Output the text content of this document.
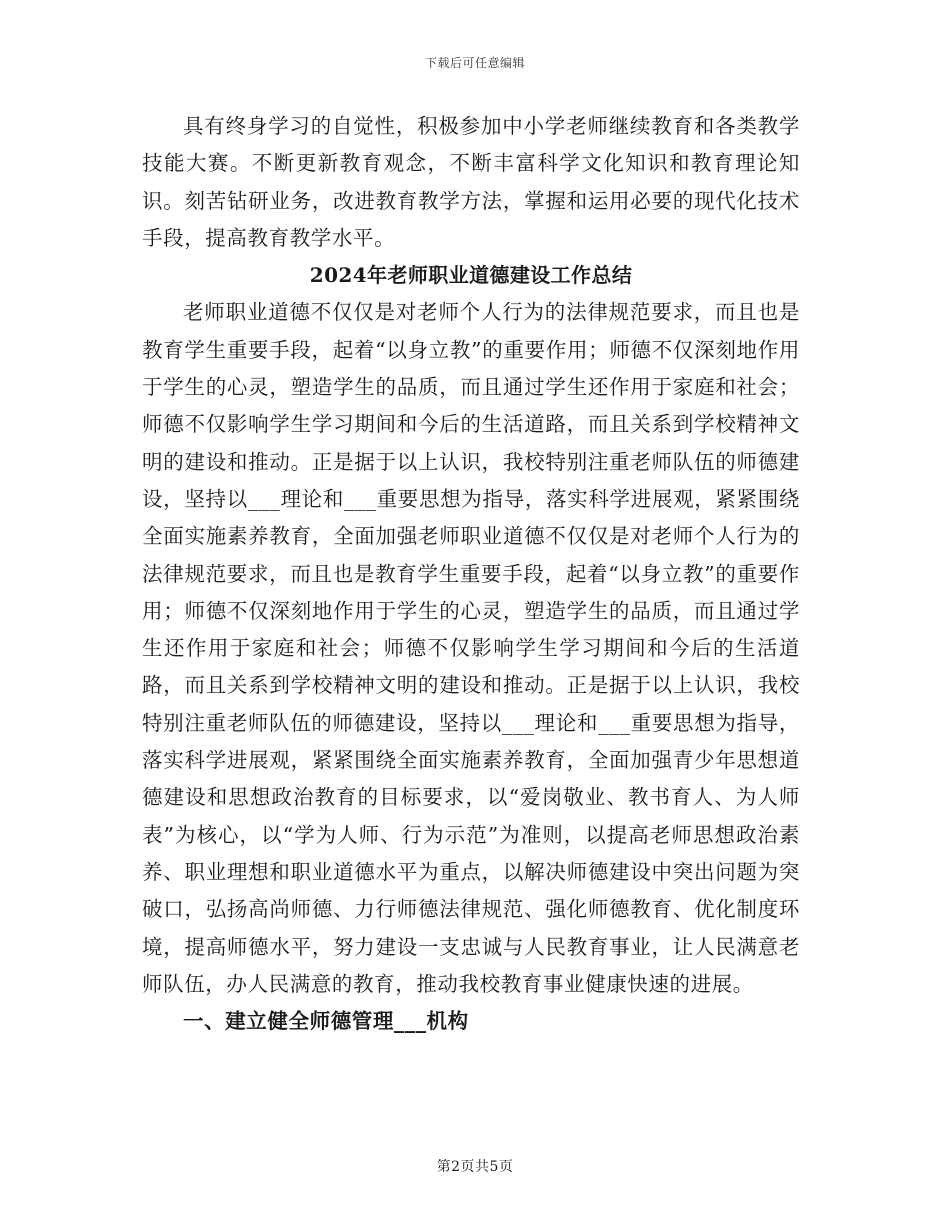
下载后可任意编辑

具有终身学习的自觉性，积极参加中小学老师继续教育和各类教学技能大赛。不断更新教育观念，不断丰富科学文化知识和教育理论知识。刻苦钻研业务，改进教育教学方法，掌握和运用必要的现代化技术手段，提高教育教学水平。

2024年老师职业道德建设工作总结

老师职业道德不仅仅是对老师个人行为的法律规范要求，而且也是教育学生重要手段，起着“以身立教”的重要作用；师德不仅深刻地作用于学生的心灵，塑造学生的品质，而且通过学生还作用于家庭和社会；师德不仅影响学生学习期间和今后的生活道路，而且关系到学校精神文明的建设和推动。正是据于以上认识，我校特别注重老师队伍的师德建设，坚持以___理论和___重要思想为指导，落实科学进展观，紧紧围绕全面实施素养教育，全面加强老师职业道德不仅仅是对老师个人行为的法律规范要求，而且也是教育学生重要手段，起着“以身立教”的重要作用；师德不仅深刻地作用于学生的心灵，塑造学生的品质，而且通过学生还作用于家庭和社会；师德不仅影响学生学习期间和今后的生活道路，而且关系到学校精神文明的建设和推动。正是据于以上认识，我校特别注重老师队伍的师德建设，坚持以___理论和___重要思想为指导，落实科学进展观，紧紧围绕全面实施素养教育，全面加强青少年思想道德建设和思想政治教育的目标要求，以“爱岗敬业、教书育人、为人师表”为核心，以“学为人师、行为示范”为准则，以提高老师思想政治素养、职业理想和职业道德水平为重点，以解决师德建设中突出问题为突破口，弘扬高尚师德、力行师德法律规范、强化师德教育、优化制度环境，提高师德水平，努力建设一支忠诚与人民教育事业，让人民满意老师队伍，办人民满意的教育，推动我校教育事业健康快速的进展。

一、建立健全师德管理___机构
第2页共5页
